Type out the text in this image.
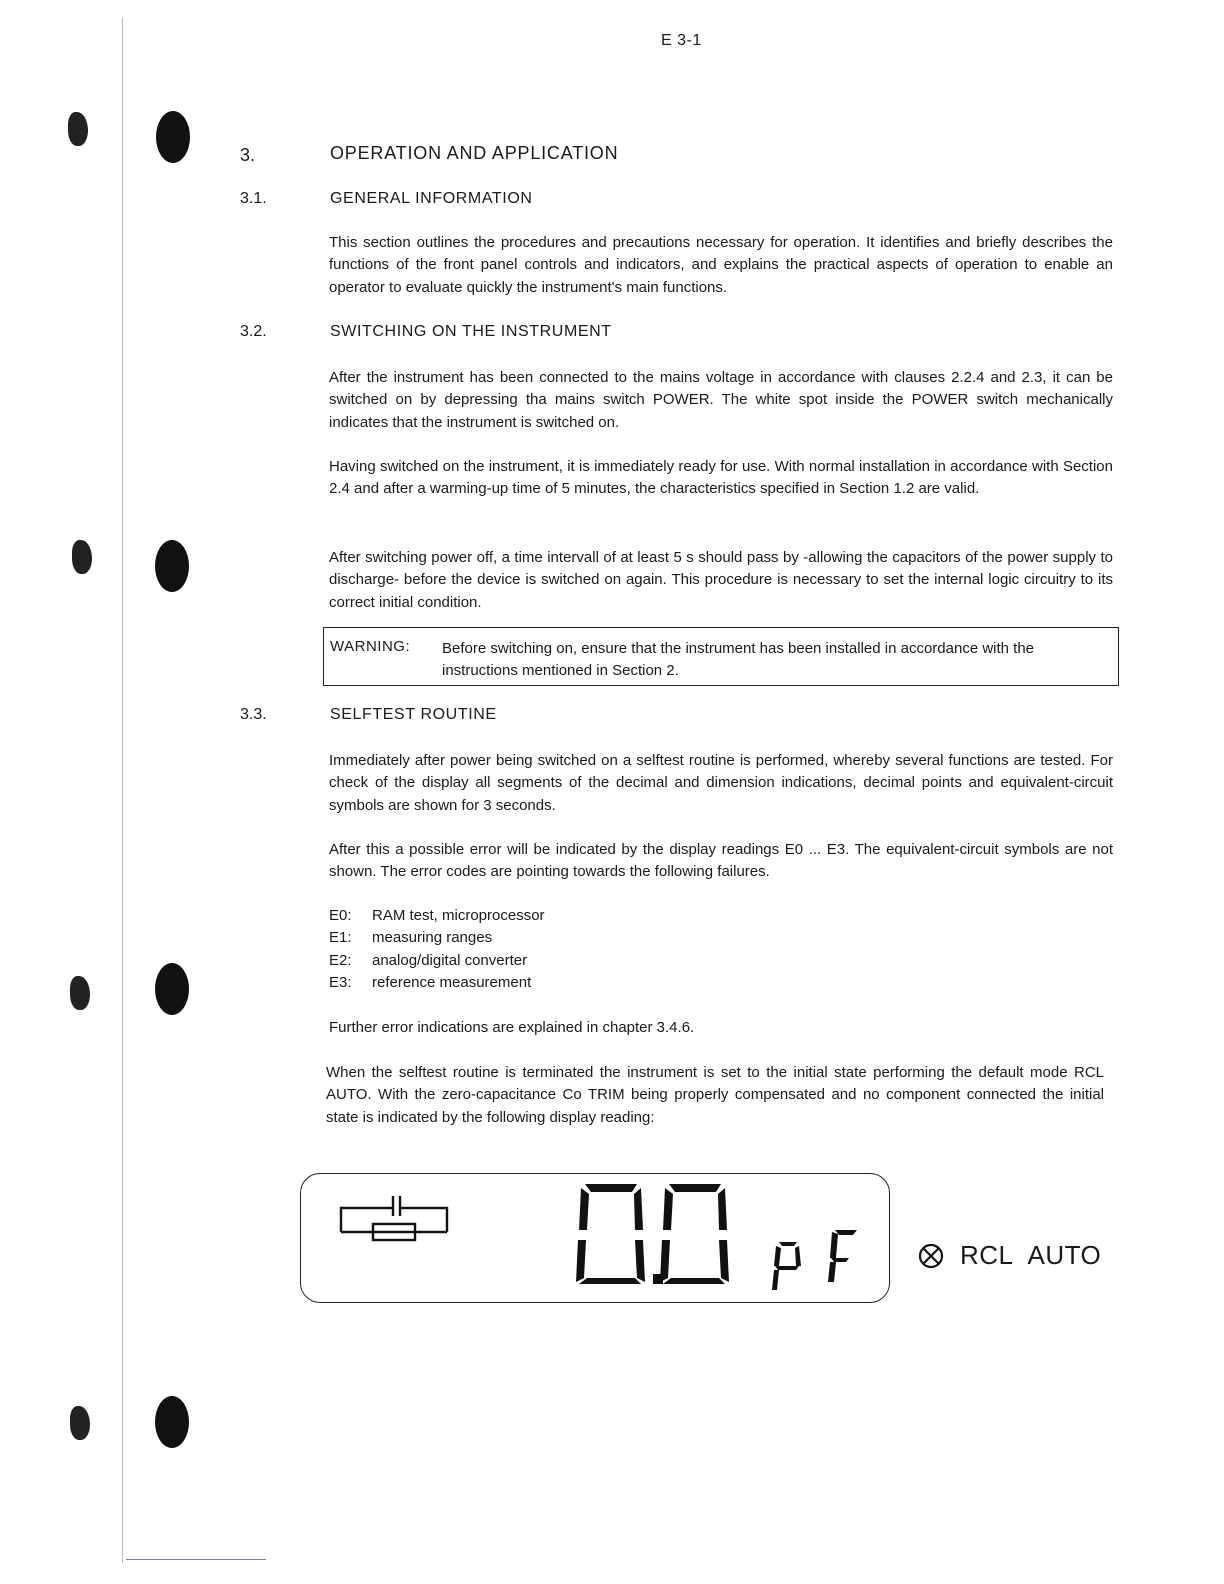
E 3-1
3.	OPERATION AND APPLICATION
3.1.	GENERAL INFORMATION
This section outlines the procedures and precautions necessary for operation. It identifies and briefly describes the functions of the front panel controls and indicators, and explains the practical aspects of operation to enable an operator to evaluate quickly the instrument's main functions.
3.2.	SWITCHING ON THE INSTRUMENT
After the instrument has been connected to the mains voltage in accordance with clauses 2.2.4 and 2.3, it can be switched on by depressing tha mains switch POWER. The white spot inside the POWER switch mechanically indicates that the instrument is switched on.
Having switched on the instrument, it is immediately ready for use. With normal installation in accordance with Section 2.4 and after a warming-up time of 5 minutes, the characteristics specified in Section 1.2 are valid.
After switching power off, a time intervall of at least 5 s should pass by -allowing the capacitors of the power supply to discharge- before the device is switched on again. This procedure is necessary to set the internal logic circuitry to its correct initial condition.
WARNING: Before switching on, ensure that the instrument has been installed in accordance with the instructions mentioned in Section 2.
3.3.	SELFTEST ROUTINE
Immediately after power being switched on a selftest routine is performed, whereby several functions are tested. For check of the display all segments of the decimal and dimension indications, decimal points and equivalent-circuit symbols are shown for 3 seconds.
After this a possible error will be indicated by the display readings E0 ... E3. The equivalent-circuit symbols are not shown. The error codes are pointing towards the following failures.
E0:	RAM test, microprocessor
E1:	measuring ranges
E2:	analog/digital converter
E3:	reference measurement
Further error indications are explained in chapter 3.4.6.
When the selftest routine is terminated the instrument is set to the initial state performing the default mode RCL AUTO. With the zero-capacitance Co TRIM being properly compensated and no component connected the initial state is indicated by the following display reading:
RCL AUTO
